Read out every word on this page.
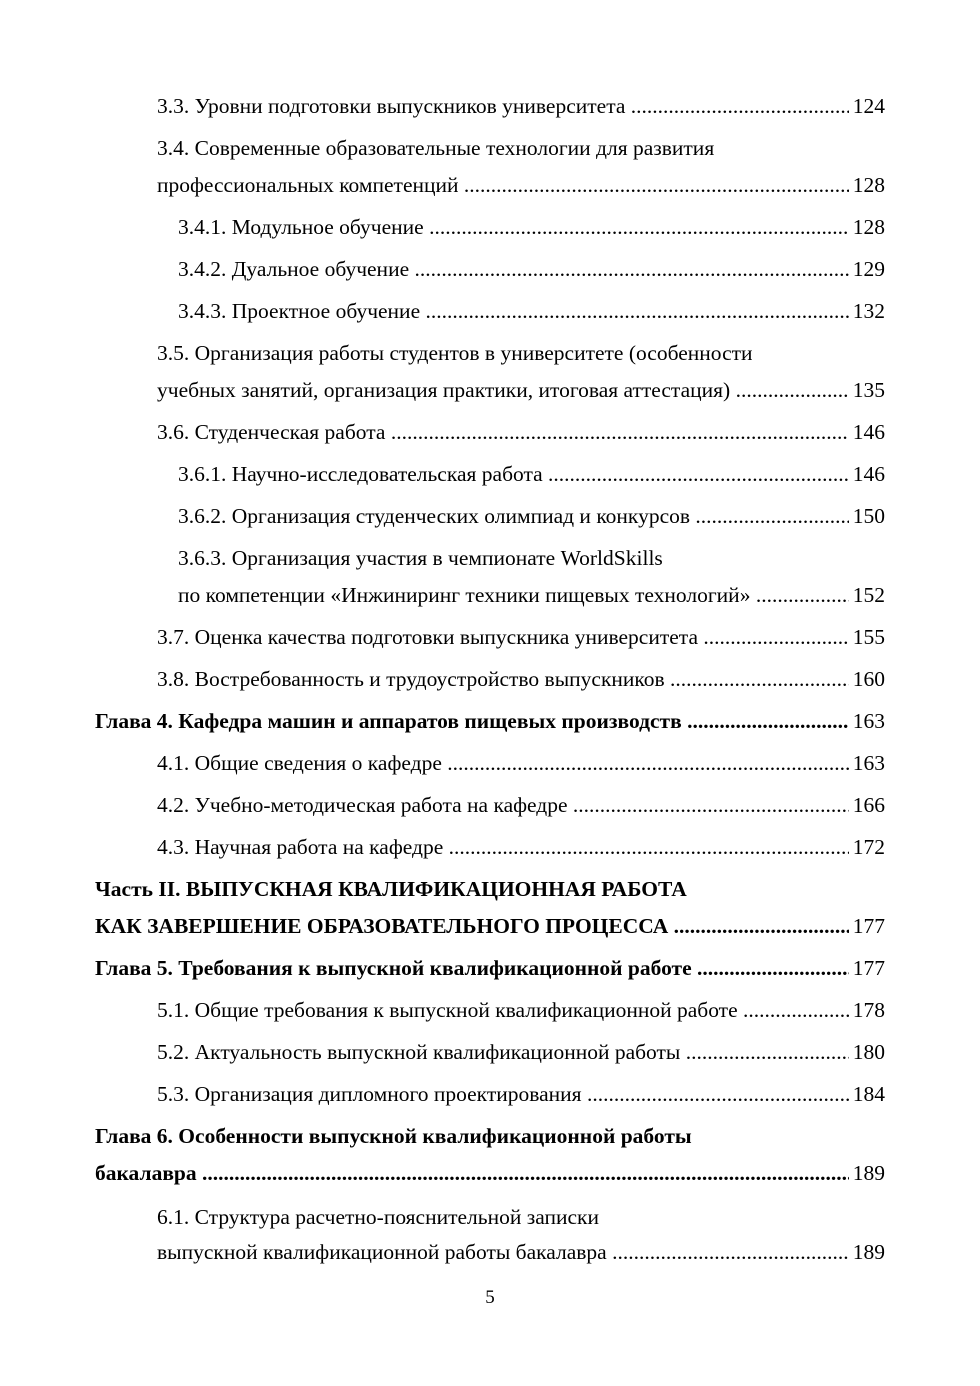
3.3. Уровни подготовки выпускников университета .....	124
3.4. Современные образовательные технологии для развития
профессиональных компетенций .....	128
3.4.1. Модульное обучение .....	128
3.4.2. Дуальное обучение .....	129
3.4.3. Проектное обучение .....	132
3.5. Организация работы студентов в университете (особенности
учебных занятий, организация практики, итоговая аттестация) .....	135
3.6. Студенческая работа .....	146
3.6.1. Научно-исследовательская работа .....	146
3.6.2. Организация студенческих олимпиад и конкурсов .....	150
3.6.3. Организация участия в чемпионате WorldSkills
по компетенции «Инжиниринг техники пищевых технологий» .....	152
3.7. Оценка качества подготовки выпускника университета .....	155
3.8. Востребованность и трудоустройство выпускников .....	160
Глава 4. Кафедра машин и аппаратов пищевых производств .....	163
4.1. Общие сведения о кафедре .....	163
4.2. Учебно-методическая работа на кафедре .....	166
4.3. Научная работа на кафедре .....	172
Часть II. ВЫПУСКНАЯ КВАЛИФИКАЦИОННАЯ РАБОТА
КАК ЗАВЕРШЕНИЕ ОБРАЗОВАТЕЛЬНОГО ПРОЦЕССА .....	177
Глава 5. Требования к выпускной квалификационной работе .....	177
5.1. Общие требования к выпускной квалификационной работе .....	178
5.2. Актуальность выпускной квалификационной работы .....	180
5.3. Организация дипломного проектирования .....	184
Глава 6. Особенности выпускной квалификационной работы
бакалавра .....	189
6.1. Структура расчетно-пояснительной записки
выпускной квалификационной работы бакалавра .....	189
5
